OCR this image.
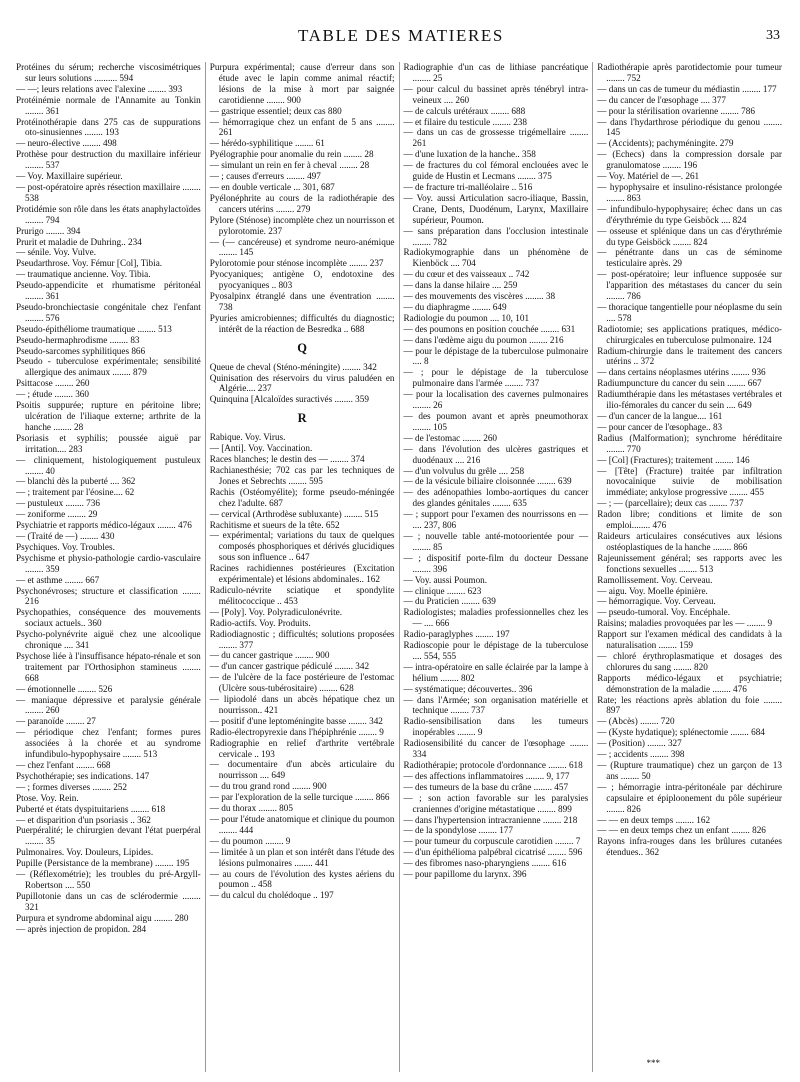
TABLE DES MATIERES	33

Protéines du sérum; recherche viscosimétriques sur leurs solutions .......... 594

— —; leurs relations avec l'alexine ........ 393

Protéinémie normale de l'Annamite au Tonkin ........ 361

Protéinothérapie dans 275 cas de suppurations oto-sinusiennes ........ 193

— neuro-élective ........ 498

Prothèse pour destruction du maxillaire inférieur ........ 537

— Voy. Maxillaire supérieur.

— post-opératoire après résection maxillaire ........ 538

Protidémie son rôle dans les états anaphylactoïdes ........ 794

Prurigo ........ 394

Prurit et maladie de Duhring.. 234

— sénile. Voy. Vulve.

Pseudarthrose. Voy. Fémur [Col], Tibia.

— traumatique ancienne. Voy. Tibia.

Pseudo-appendicite et rhumatisme péritonéal ........ 361

Pseudo-bronchiectasie congénitale chez l'enfant ........ 576

Pseudo-épithéliome traumatique ........ 513

Pseudo-hermaphrodisme ........ 83

Pseudo-sarcomes syphilitiques 866

Pseudo - tuberculose expérimentale; sensibilité allergique des animaux ........ 879

Psittacose ........ 260

— ; étude ........ 360

Psoitis suppurée; rupture en péritoine libre; ulcération de l'iliaque externe; arthrite de la hanche ........ 28

Psoriasis et syphilis; poussée aiguë par irritation.... 283

— cliniquement, histologiquement pustuleux ........ 40

— blanchi dès la puberté .... 362

— ; traitement par l'éosine.... 62

— pustuleux ........ 736

— zoniforme ........ 29

Psychiatrie et rapports médico-légaux ........ 476

— (Traité de —) ........ 430

Psychiques. Voy. Troubles.

Psychisme et physio-pathologie cardio-vasculaire ........ 359

— et asthme ........ 667

Psychonévroses; structure et classification ........ 216

Psychopathies, conséquence des mouvements sociaux actuels.. 360

Psycho-polynévrite aiguë chez une alcoolique chronique .... 341

Psychose liée à l'insuffisance hépato-rénale et son traitement par l'Orthosiphon stamineus ........ 668

— émotionnelle ........ 526

— maniaque dépressive et paralysie générale ........ 260

— paranoïde ........ 27

— périodique chez l'enfant; formes pures associées à la chorée et au syndrome infundibulo-hypophysaire ........ 513

— chez l'enfant ........ 668

Psychothérapie; ses indications. 147

— ; formes diverses ........ 252

Ptose. Voy. Rein.

Puberté et états dyspituitariens ........ 618

— et disparition d'un psoriasis .. 362

Puerpéralité; le chirurgien devant l'état puerpéral ........ 35

Pulmonaires. Voy. Douleurs, Lipides.

Pupille (Persistance de la membrane) ........ 195

— (Réflexométrie); les troubles du pré-Argyll-Robertson .... 550

Pupillotonie dans un cas de sclérodermie ........ 321

Purpura et syndrome abdominal aigu ........ 280

— après injection de propidon. 284

Purpura expérimental; cause d'erreur dans son étude avec le lapin comme animal réactif; lésions de la mise à mort par saignée carotidienne ........ 900

— gastrique essentiel; deux cas 880

— hémorragique chez un enfant de 5 ans ........ 261

— hérédo-syphilitique ........ 61

Pyélographie pour anomalie du rein ........ 28

— simulant un rein en fer à cheval ........ 28

— ; causes d'erreurs ........ 497

— en double verticale ... 301, 687

Pyélonéphrite au cours de la radiothérapie des cancers utérins ........ 279

Pylore (Sténose) incomplète chez un nourrisson et pylorotomie. 237

— (— cancéreuse) et syndrome neuro-anémique ........ 145

Pylorotomie pour sténose incomplète ........ 237

Pyocyaniques; antigène O, endotoxine des pyocyaniques .. 803

Pyosalpinx étranglé dans une éventration ........ 738

Pyuries amicrobiennes; difficultés du diagnostic; intérêt de la réaction de Besredka .. 688

Q

Queue de cheval (Sténo-méningite) ........ 342

Quinisation des réservoirs du virus paludéen en Algérie.... 237

Quinquina [Alcaloïdes suractivés ........ 359

R

Rabique. Voy. Virus.

— [Anti]. Voy. Vaccination.

Races blanches; le destin des — ........ 374

Rachianesthésie; 702 cas par les techniques de Jones et Sebrechts ........ 595

Rachis (Ostéomyélite); forme pseudo-méningée chez l'adulte. 687

— cervical (Arthrodèse subluxante) ........ 515

Rachitisme et sueurs de la tête. 652

— expérimental; variations du taux de quelques composés phosphoriques et dérivés glucidiques sous son influence .. 647

Racines rachidiennes postérieures (Excitation expérimentale) et lésions abdominales.. 162

Radiculo-névrite sciatique et spondylite mélitococcique .. 453

— [Poly]. Voy. Polyradiculonévrite.

Radio-actifs. Voy. Produits.

Radiodiagnostic ; difficultés; solutions proposées ........ 377

— du cancer gastrique ........ 900

— d'un cancer gastrique pédiculé ........ 342

— de l'ulcère de la face postérieure de l'estomac (Ulcère sous-tubérositaire) ........ 628

— lipiodolé dans un abcès hépatique chez un nourrisson.. 421

— positif d'une leptoméningite basse ........ 342

Radio-électropyrexie dans l'hépiphrénie ........ 9

Radiographie en relief d'arthrite vertébrale cervicale .. 193

— documentaire d'un abcès articulaire du nourrisson .... 649

— du trou grand rond ........ 900

— par l'exploration de la selle turcique ........ 866

— du thorax ........ 805

— pour l'étude anatomique et clinique du poumon ........ 444

— du poumon ........ 9

— limitée à un plan et son intérêt dans l'étude des lésions pulmonaires ........ 441

— au cours de l'évolution des kystes aériens du poumon .. 458

— du calcul du cholédoque .. 197

Radiographie d'un cas de lithiase pancréatique ........ 25

— pour calcul du bassinet après ténébryl intra-veineux .... 260

— de calculs urétéraux ........ 688

— et filaire du testicule ........ 238

— dans un cas de grossesse trigémellaire ........ 261

— d'une luxation de la hanche.. 358

— de fractures du col fémoral enclouées avec le guide de Hustin et Lecmans ........ 375

— de fracture tri-malléolaire .. 516

— Voy. aussi Articulation sacro-iliaque, Bassin, Crane, Dents, Duodénum, Larynx, Maxillaire supérieur, Poumon.

— sans préparation dans l'occlusion intestinale ........ 782

Radiokymographie dans un phénomène de Kienböck .... 704

— du cœur et des vaisseaux .. 742

— dans la danse hilaire .... 259

— des mouvements des viscères ........ 38

— du diaphragme ........ 649

Radiologie du poumon .... 10, 101

— des poumons en position couchée ........ 631

— dans l'œdème aigu du poumon ........ 216

— pour le dépistage de la tuberculose pulmonaire .... 8

— ; pour le dépistage de la tuberculose pulmonaire dans l'armée ........ 737

— pour la localisation des cavernes pulmonaires ........ 26

— des poumon avant et après pneumothorax ........ 105

— de l'estomac ........ 260

— dans l'évolution des ulcères gastriques et duodénaux .... 216

— d'un volvulus du grêle .... 258

— de la vésicule biliaire cloisonnée ........ 639

— des adénopathies lombo-aortiques du cancer des glandes génitales ........ 635

— ; support pour l'examen des nourrissons en — .... 237, 806

— ; nouvelle table anté-motoorientée pour — ........ 85

— ; dispositif porte-film du docteur Dessane ........ 396

— Voy. aussi Poumon.

— clinique ........ 623

— du Praticien ........ 639

Radiologistes; maladies professionnelles chez les — .... 666

Radio-paraglyphes ........ 197

Radioscopie pour le dépistage de la tuberculose .... 554, 555

— intra-opératoire en salle éclairée par la lampe à hélium ........ 802

— systématique; découvertes.. 396

— dans l'Armée; son organisation matérielle et technique ........ 737

Radio-sensibilisation dans les tumeurs inopérables ........ 9

Radiosensibilité du cancer de l'œsophage ........ 334

Radiothérapie; protocole d'ordonnance ........ 618

— des affections inflammatoires ........ 9, 177

— des tumeurs de la base du crâne ........ 457

— ; son action favorable sur les paralysies craniennes d'origine métastatique ........ 899

— dans l'hypertension intracranienne ........ 218

— de la spondylose ........ 177

— pour tumeur du corpuscule carotidien ........ 7

— d'un épithélioma palpébral cicatrisé ........ 596

— des fibromes naso-pharyngiens ........ 616

— pour papillome du larynx. 396

Radiothérapie après parotidectomie pour tumeur ........ 752

— dans un cas de tumeur du médiastin ........ 177

— du cancer de l'œsophage .... 377

— pour la stérilisation ovarienne ........ 786

— dans l'hydarthrose périodique du genou ........ 145

— (Accidents); pachyméningite. 279

— (Echecs) dans la compression dorsale par granulomatose ........ 196

— Voy. Matériel de —. 261

— hypophysaire et insulino-résistance prolongée ........ 863

— infundibulo-hypophysaire; échec dans un cas d'érythrémie du type Geisböck .... 824

— osseuse et splénique dans un cas d'érythrémie du type Geisböck ........ 824

— pénétrante dans un cas de séminome testiculaire après. 29

— post-opératoire; leur influence supposée sur l'apparition des métastases du cancer du sein ........ 786

— thoracique tangentielle pour néoplasme du sein .... 578

Radiotomie; ses applications pratiques, médico-chirurgicales en tuberculose pulmonaire. 124

Radium-chirurgie dans le traitement des cancers utérins .. 372

— dans certains néoplasmes utérins ........ 936

Radiumpuncture du cancer du sein ........ 667

Radiumthérapie dans les métastases vertébrales et ilio-fémorales du cancer du sein .... 649

— d'un cancer de la langue.... 161

— pour cancer de l'œsophage.. 83

Radius (Malformation); synchrome héréditaire ........ 770

— [Col] (Fractures); traitement ........ 146

— [Tête] (Fracture) traitée par infiltration novocaïnique suivie de mobilisation immédiate; ankylose progressive ........ 455

— ; — (parcellaire); deux cas ........ 737

Radon libre; conditions et limite de son emploi........ 476

Raideurs articulaires consécutives aux lésions ostéoplastiques de la hanche ........ 866

Rajeunissement général; ses rapports avec les fonctions sexuelles ........ 513

Ramollissement. Voy. Cerveau.

— aigu. Voy. Moelle épinière.

— hémorragique. Voy. Cerveau.

— pseudo-tumoral. Voy. Encéphale.

Raisins; maladies provoquées par les — ........ 9

Rapport sur l'examen médical des candidats à la naturalisation ........ 159

— chloré érythroplasmatique et dosages des chlorures du sang ........ 820

Rapports médico-légaux et psychiatrie; démonstration de la maladie ........ 476

Rate; les réactions après ablation du foie ........ 897

— (Abcès) ........ 720

— (Kyste hydatique); splénectomie ........ 684

— (Position) ........ 327

— ; accidents ........ 398

— (Rupture traumatique) chez un garçon de 13 ans ........ 50

— ; hémorragie intra-péritonéale par déchirure capsulaire et épiploonement du pôle supérieur ........ 826

— — en deux temps ........ 162

— — en deux temps chez un enfant ........ 826

Rayons infra-rouges dans les brûlures cutanées étendues.. 362

***
